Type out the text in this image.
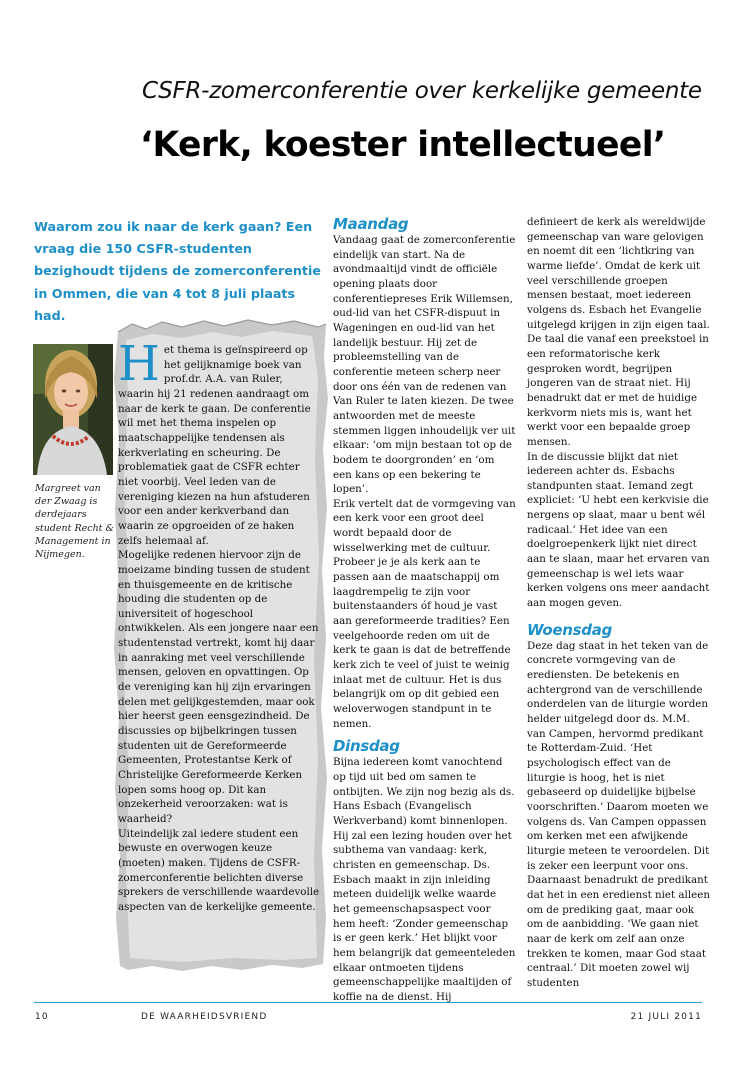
CSFR-zomerconferentie over kerkelijke gemeente
‘Kerk, koester intellectueel’
Waarom zou ik naar de kerk gaan? Een vraag die 150 CSFR-studenten bezighoudt tijdens de zomerconferentie in Ommen, die van 4 tot 8 juli plaats had.
Margreet van der Zwaag is derdejaars student Recht & Management in Nijmegen.
H et thema is geïnspireerd op het gelijknamige boek van prof.dr. A.A. van Ruler, waarin hij 21 redenen aandraagt om naar de kerk te gaan. De conferentie wil met het thema inspelen op maatschappelijke tendensen als kerkverlating en scheuring. De problematiek gaat de CSFR echter niet voorbij. Veel leden van de vereniging kiezen na hun afstuderen voor een ander kerkverband dan waarin ze opgroeiden of ze haken zelfs helemaal af.
Mogelijke redenen hiervoor zijn de moeizame binding tussen de student en thuisgemeente en de kritische houding die studenten op de universiteit of hogeschool ontwikkelen. Als een jongere naar een studentenstad vertrekt, komt hij daar in aanraking met veel verschillende mensen, geloven en opvattingen. Op de vereniging kan hij zijn ervaringen delen met gelijkgestemden, maar ook hier heerst geen eensgezindheid. De discussies op bijbelkringen tussen studenten uit de Gereformeerde Gemeenten, Protestantse Kerk of Christelijke Gereformeerde Kerken lopen soms hoog op. Dit kan onzekerheid veroorzaken: wat is waarheid?
Uiteindelijk zal iedere student een bewuste en overwogen keuze (moeten) maken. Tijdens de CSFR-zomerconferentie belichten diverse sprekers de verschillende waardevolle aspecten van de kerkelijke gemeente.
Maandag

Vandaag gaat de zomerconferentie eindelijk van start. Na de avondmaaltijd vindt de officiële opening plaats door conferentiepreses Erik Willemsen, oud-lid van het CSFR-dispuut in Wageningen en oud-lid van het landelijk bestuur. Hij zet de probleemstelling van de conferentie meteen scherp neer door ons één van de redenen van Van Ruler te laten kiezen. De twee antwoorden met de meeste stemmen liggen inhoudelijk ver uit elkaar: ‘om mijn bestaan tot op de bodem te doorgronden’ en ‘om een kans op een bekering te lopen’.

Erik vertelt dat de vormgeving van een kerk voor een groot deel wordt bepaald door de wisselwerking met de cultuur. Probeer je je als kerk aan te passen aan de maatschappij om laagdrempelig te zijn voor buitenstaanders óf houd je vast aan gereformeerde tradities? Een veelgehoorde reden om uit de kerk te gaan is dat de betreffende kerk zich te veel of juist te weinig inlaat met de cultuur. Het is dus belangrijk om op dit gebied een weloverwogen standpunt in te nemen.

Dinsdag

Bijna iedereen komt vanochtend op tijd uit bed om samen te ontbijten. We zijn nog bezig als ds. Hans Esbach (Evangelisch Werkverband) komt binnenlopen. Hij zal een lezing houden over het subthema van vandaag: kerk, christen en gemeenschap. Ds. Esbach maakt in zijn inleiding meteen duidelijk welke waarde het gemeenschapsaspect voor hem heeft: ‘Zonder gemeenschap is er geen kerk.’ Het blijkt voor hem belangrijk dat gemeenteleden elkaar ontmoeten tijdens gemeenschappelijke maaltijden of koffie na de dienst. Hij

definieert de kerk als wereldwijde gemeenschap van ware gelovigen en noemt dit een ‘lichtkring van warme liefde’. Omdat de kerk uit veel verschillende groepen mensen bestaat, moet iedereen volgens ds. Esbach het Evangelie uitgelegd krijgen in zijn eigen taal. De taal die vanaf een preekstoel in een reformatorische kerk gesproken wordt, begrijpen jongeren van de straat niet. Hij benadrukt dat er met de huidige kerkvorm niets mis is, want het werkt voor een bepaalde groep mensen.

In de discussie blijkt dat niet iedereen achter ds. Esbachs standpunten staat. Iemand zegt expliciet: ‘U hebt een kerkvisie die nergens op slaat, maar u bent wél radicaal.’ Het idee van een doelgroepenkerk lijkt niet direct aan te slaan, maar het ervaren van gemeenschap is wel iets waar kerken volgens ons meer aandacht aan mogen geven.

Woensdag

Deze dag staat in het teken van de concrete vormgeving van de erediensten. De betekenis en achtergrond van de verschillende onderdelen van de liturgie worden helder uitgelegd door ds. M.M. van Campen, hervormd predikant te Rotterdam-Zuid. ‘Het psychologisch effect van de liturgie is hoog, het is niet gebaseerd op duidelijke bijbelse voorschriften.’ Daarom moeten we volgens ds. Van Campen oppassen om kerken met een afwijkende liturgie meteen te veroordelen. Dit is zeker een leerpunt voor ons. Daarnaast benadrukt de predikant dat het in een eredienst niet alleen om de prediking gaat, maar ook om de aanbidding. ‘We gaan niet naar de kerk om zelf aan onze trekken te komen, maar God staat centraal.’ Dit moeten zowel wij studenten

10	DE WAARHEIDSVRIEND	21 JULI 2011
